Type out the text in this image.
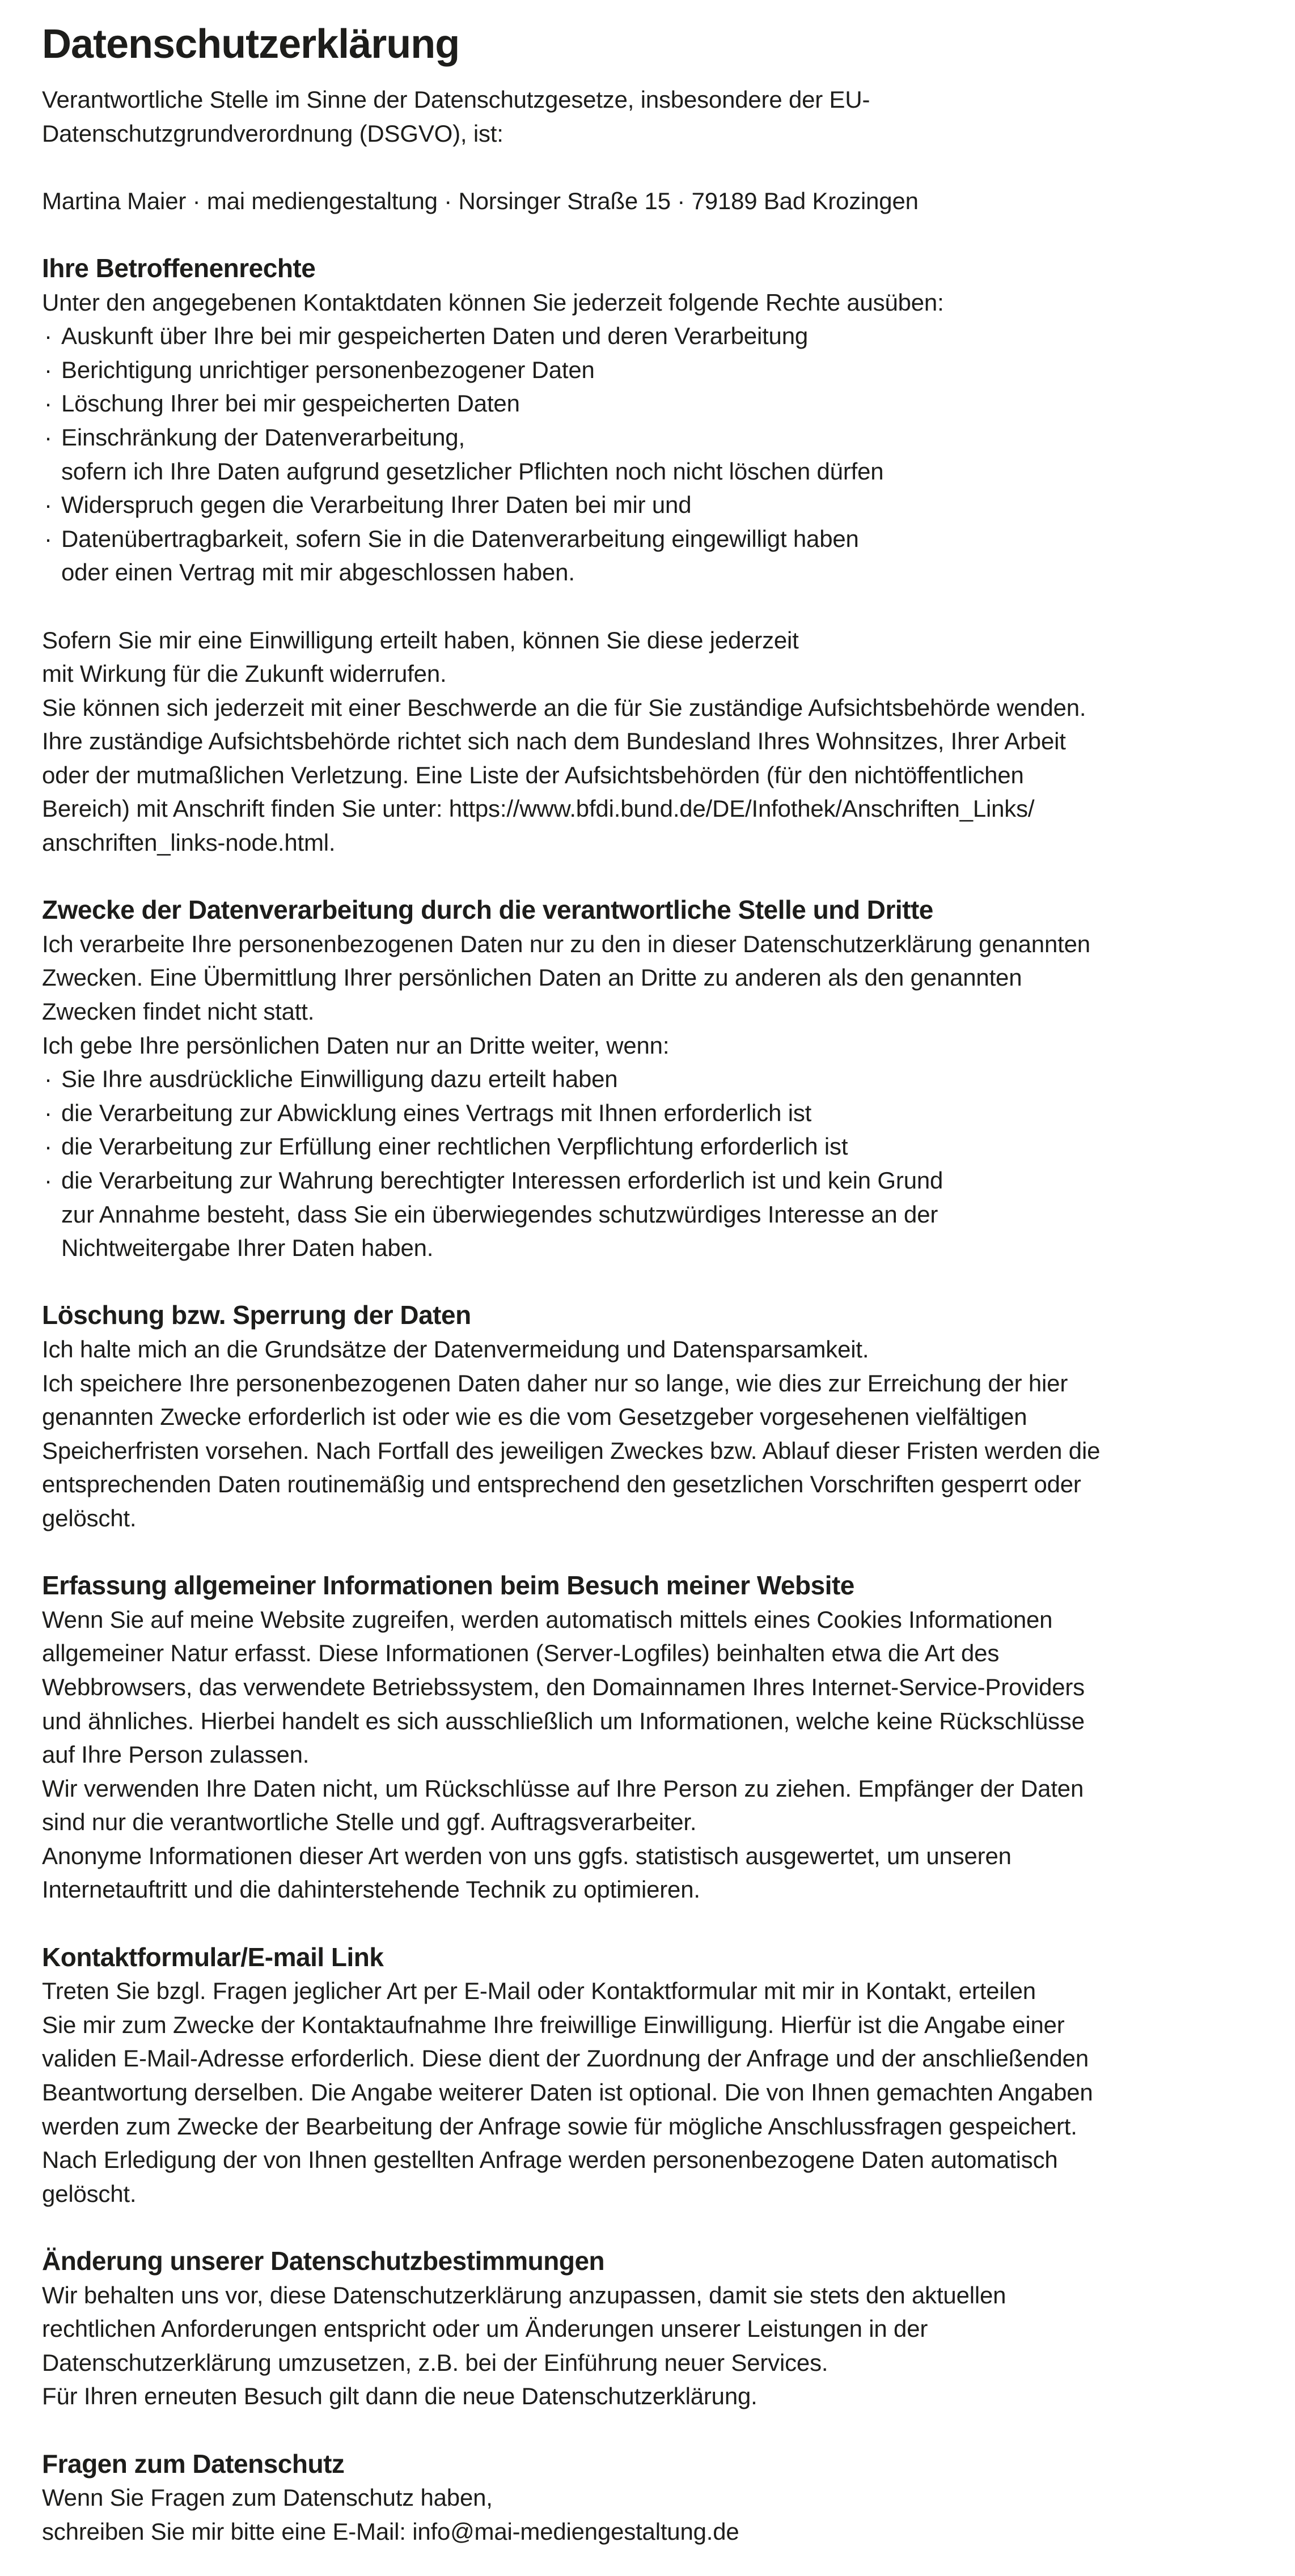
Datenschutzerklärung
Verantwortliche Stelle im Sinne der Datenschutzgesetze, insbesondere der EU-
Datenschutzgrundverordnung (DSGVO), ist:
Martina Maier · mai mediengestaltung · Norsinger Straße 15 · 79189 Bad Krozingen
Ihre Betroffenenrechte
Unter den angegebenen Kontaktdaten können Sie jederzeit folgende Rechte ausüben:
· Auskunft über Ihre bei mir gespeicherten Daten und deren Verarbeitung
· Berichtigung unrichtiger personenbezogener Daten
· Löschung Ihrer bei mir gespeicherten Daten
· Einschränkung der Datenverarbeitung,
sofern ich Ihre Daten aufgrund gesetzlicher Pflichten noch nicht löschen dürfen
· Widerspruch gegen die Verarbeitung Ihrer Daten bei mir und
· Datenübertragbarkeit, sofern Sie in die Datenverarbeitung eingewilligt haben
oder einen Vertrag mit mir abgeschlossen haben.
Sofern Sie mir eine Einwilligung erteilt haben, können Sie diese jederzeit
mit Wirkung für die Zukunft widerrufen.
Sie können sich jederzeit mit einer Beschwerde an die für Sie zuständige Aufsichtsbehörde wenden.
Ihre zuständige Aufsichtsbehörde richtet sich nach dem Bundesland Ihres Wohnsitzes, Ihrer Arbeit
oder der mutmaßlichen Verletzung. Eine Liste der Aufsichtsbehörden (für den nichtöffentlichen
Bereich) mit Anschrift finden Sie unter: https://www.bfdi.bund.de/DE/Infothek/Anschriften_Links/
anschriften_links-node.html.
Zwecke der Datenverarbeitung durch die verantwortliche Stelle und Dritte
Ich verarbeite Ihre personenbezogenen Daten nur zu den in dieser Datenschutzerklärung genannten
Zwecken. Eine Übermittlung Ihrer persönlichen Daten an Dritte zu anderen als den genannten
Zwecken findet nicht statt.
Ich gebe Ihre persönlichen Daten nur an Dritte weiter, wenn:
· Sie Ihre ausdrückliche Einwilligung dazu erteilt haben
· die Verarbeitung zur Abwicklung eines Vertrags mit Ihnen erforderlich ist
· die Verarbeitung zur Erfüllung einer rechtlichen Verpflichtung erforderlich ist
· die Verarbeitung zur Wahrung berechtigter Interessen erforderlich ist und kein Grund
zur Annahme besteht, dass Sie ein überwiegendes schutzwürdiges Interesse an der
Nichtweitergabe Ihrer Daten haben.
Löschung bzw. Sperrung der Daten
Ich halte mich an die Grundsätze der Datenvermeidung und Datensparsamkeit.
Ich speichere Ihre personenbezogenen Daten daher nur so lange, wie dies zur Erreichung der hier
genannten Zwecke erforderlich ist oder wie es die vom Gesetzgeber vorgesehenen vielfältigen
Speicherfristen vorsehen. Nach Fortfall des jeweiligen Zweckes bzw. Ablauf dieser Fristen werden die
entsprechenden Daten routinemäßig und entsprechend den gesetzlichen Vorschriften gesperrt oder
gelöscht.
Erfassung allgemeiner Informationen beim Besuch meiner Website
Wenn Sie auf meine Website zugreifen, werden automatisch mittels eines Cookies Informationen
allgemeiner Natur erfasst. Diese Informationen (Server-Logfiles) beinhalten etwa die Art des
Webbrowsers, das verwendete Betriebssystem, den Domainnamen Ihres Internet-Service-Providers
und ähnliches. Hierbei handelt es sich ausschließlich um Informationen, welche keine Rückschlüsse
auf Ihre Person zulassen.
Wir verwenden Ihre Daten nicht, um Rückschlüsse auf Ihre Person zu ziehen. Empfänger der Daten
sind nur die verantwortliche Stelle und ggf. Auftragsverarbeiter.
Anonyme Informationen dieser Art werden von uns ggfs. statistisch ausgewertet, um unseren
Internetauftritt und die dahinterstehende Technik zu optimieren.
Kontaktformular/E-mail Link
Treten Sie bzgl. Fragen jeglicher Art per E-Mail oder Kontaktformular mit mir in Kontakt, erteilen
Sie mir zum Zwecke der Kontaktaufnahme Ihre freiwillige Einwilligung. Hierfür ist die Angabe einer
validen E-Mail-Adresse erforderlich. Diese dient der Zuordnung der Anfrage und der anschließenden
Beantwortung derselben. Die Angabe weiterer Daten ist optional. Die von Ihnen gemachten Angaben
werden zum Zwecke der Bearbeitung der Anfrage sowie für mögliche Anschlussfragen gespeichert.
Nach Erledigung der von Ihnen gestellten Anfrage werden personenbezogene Daten automatisch
gelöscht.
Änderung unserer Datenschutzbestimmungen
Wir behalten uns vor, diese Datenschutzerklärung anzupassen, damit sie stets den aktuellen
rechtlichen Anforderungen entspricht oder um Änderungen unserer Leistungen in der
Datenschutzerklärung umzusetzen, z.B. bei der Einführung neuer Services.
Für Ihren erneuten Besuch gilt dann die neue Datenschutzerklärung.
Fragen zum Datenschutz
Wenn Sie Fragen zum Datenschutz haben,
schreiben Sie mir bitte eine E-Mail: info@mai-mediengestaltung.de
